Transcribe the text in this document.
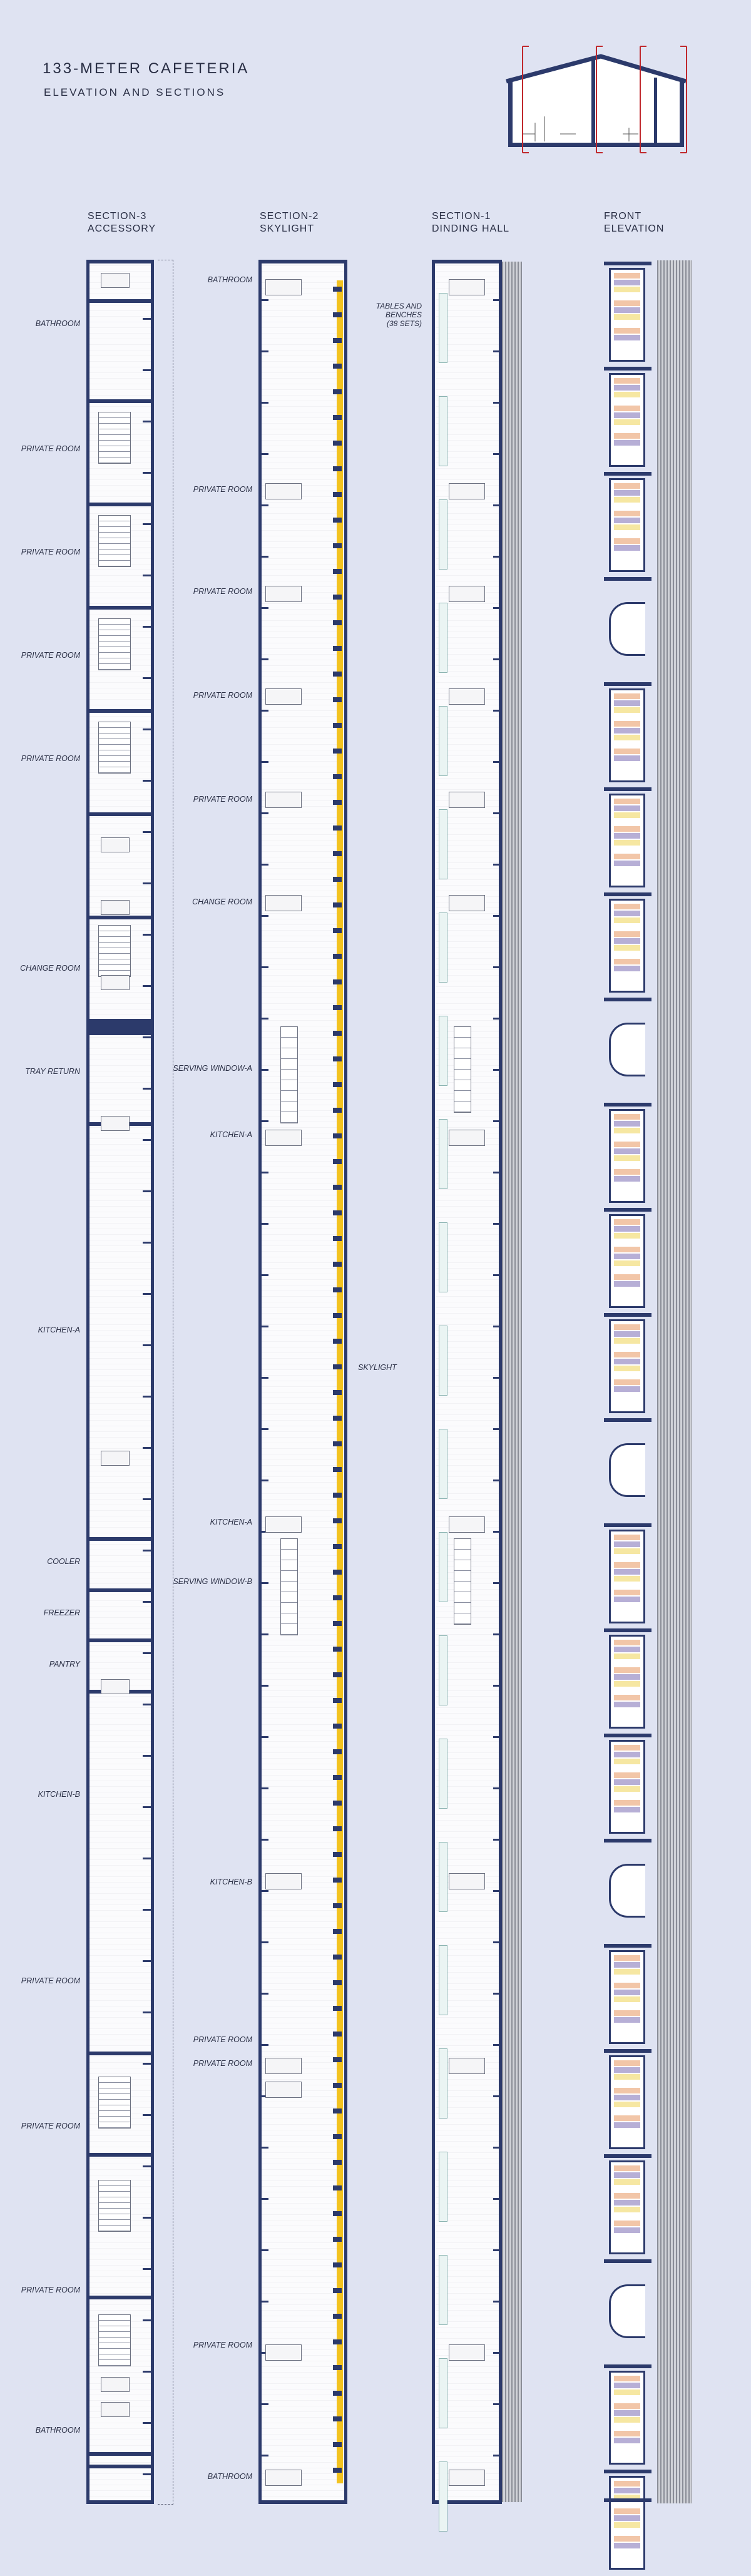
133-METER CAFETERIA
ELEVATION AND SECTIONS
SECTION-3
ACCESSORY
SECTION-2
SKYLIGHT
SECTION-1
DINDING HALL
FRONT
ELEVATION
BATHROOM
PRIVATE ROOM
PRIVATE ROOM
PRIVATE ROOM
PRIVATE ROOM
CHANGE ROOM
TRAY RETURN
KITCHEN-A
COOLER
FREEZER
PANTRY
KITCHEN-B
PRIVATE ROOM
PRIVATE ROOM
PRIVATE ROOM
BATHROOM
BATHROOM
PRIVATE ROOM
PRIVATE ROOM
PRIVATE ROOM
PRIVATE ROOM
CHANGE ROOM
SERVING WINDOW-A
KITCHEN-A
KITCHEN-A
SERVING WINDOW-B
KITCHEN-B
PRIVATE ROOM
PRIVATE ROOM
PRIVATE ROOM
BATHROOM
SKYLIGHT
TABLES AND
BENCHES
(38 SETS)
